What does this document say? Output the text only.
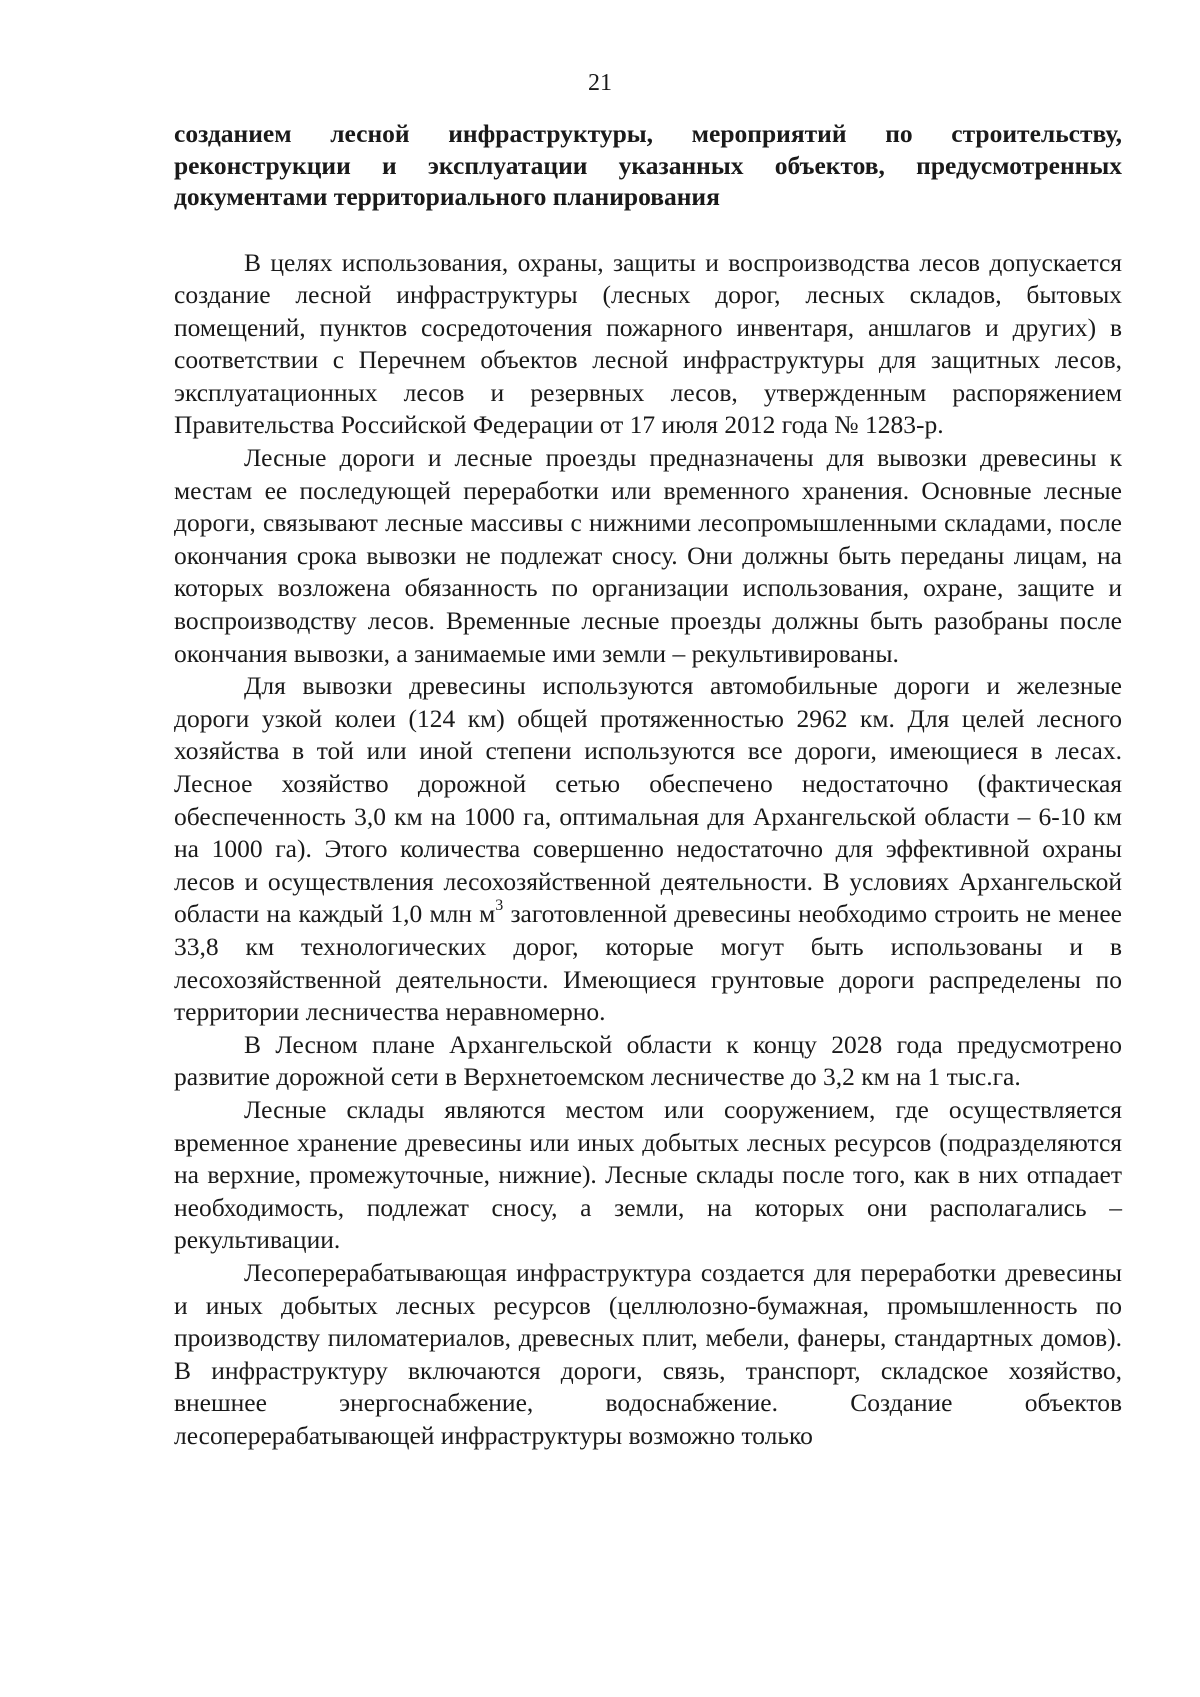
21

созданием лесной инфраструктуры, мероприятий по строительству, реконструкции и эксплуатации указанных объектов, предусмотренных документами территориального планирования

В целях использования, охраны, защиты и воспроизводства лесов допускается создание лесной инфраструктуры (лесных дорог, лесных складов, бытовых помещений, пунктов сосредоточения пожарного инвентаря, аншлагов и других) в соответствии с Перечнем объектов лесной инфраструктуры для защитных лесов, эксплуатационных лесов и резервных лесов, утвержденным распоряжением Правительства Российской Федерации от 17 июля 2012 года № 1283-р.

Лесные дороги и лесные проезды предназначены для вывозки древесины к местам ее последующей переработки или временного хранения. Основные лесные дороги, связывают лесные массивы с нижними лесопромышленными складами, после окончания срока вывозки не подлежат сносу. Они должны быть переданы лицам, на которых возложена обязанность по организации использования, охране, защите и воспроизводству лесов. Временные лесные проезды должны быть разобраны после окончания вывозки, а занимаемые ими земли – рекультивированы.

Для вывозки древесины используются автомобильные дороги и железные дороги узкой колеи (124 км) общей протяженностью 2962 км. Для целей лесного хозяйства в той или иной степени используются все дороги, имеющиеся в лесах. Лесное хозяйство дорожной сетью обеспечено недостаточно (фактическая обеспеченность 3,0 км на 1000 га, оптимальная для Архангельской области – 6-10 км на 1000 га). Этого количества совершенно недостаточно для эффективной охраны лесов и осуществления лесохозяйственной деятельности. В условиях Архангельской области на каждый 1,0 млн $м^3$ заготовленной древесины необходимо строить не менее 33,8 км технологических дорог, которые могут быть использованы и в лесохозяйственной деятельности. Имеющиеся грунтовые дороги распределены по территории лесничества неравномерно.

В Лесном плане Архангельской области к концу 2028 года предусмотрено развитие дорожной сети в Верхнетоемском лесничестве до 3,2 км на 1 тыс.га.

Лесные склады являются местом или сооружением, где осуществляется временное хранение древесины или иных добытых лесных ресурсов (подразделяются на верхние, промежуточные, нижние). Лесные склады после того, как в них отпадает необходимость, подлежат сносу, а земли, на которых они располагались – рекультивации.

Лесоперерабатывающая инфраструктура создается для переработки древесины и иных добытых лесных ресурсов (целлюлозно-бумажная, промышленность по производству пиломатериалов, древесных плит, мебели, фанеры, стандартных домов). В инфраструктуру включаются дороги, связь, транспорт, складское хозяйство, внешнее энергоснабжение, водоснабжение. Создание объектов лесоперерабатывающей инфраструктуры возможно только
